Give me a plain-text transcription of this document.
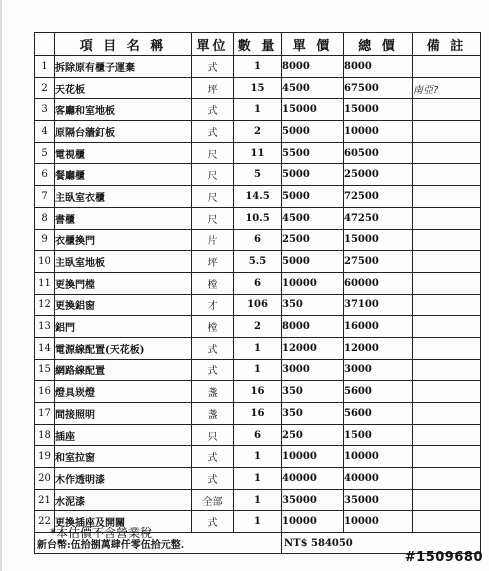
	項 目 名 稱	單位	數 量	單 價	總 價	備 註
1	拆除原有櫃子運棄	式	1	8000	8000	
2	天花板	坪	15	4500	67500	南亞?
3	客廳和室地板	式	1	15000	15000	
4	原隔台牆釘板	式	2	5000	10000	
5	電視櫃	尺	11	5500	60500	
6	餐廳櫃	尺	5	5000	25000	
7	主臥室衣櫃	尺	14.5	5000	72500	
8	書櫃	尺	10.5	4500	47250	
9	衣櫃換門	片	6	2500	15000	
10	主臥室地板	坪	5.5	5000	27500	
11	更換門樘	樘	6	10000	60000	
12	更換鋁窗	才	106	350	37100	
13	鋁門	樘	2	8000	16000	
14	電源線配置(天花板)	式	1	12000	12000	
15	網路線配置	式	1	3000	3000	
16	燈具崁燈	盞	16	350	5600	
17	間接照明	盞	16	350	5600	
18	插座	只	6	250	1500	
19	和室拉窗	式	1	10000	10000	
20	木作透明漆	式	1	40000	40000	
21	水泥漆	全部	1	35000	35000	
22	更換插座及開關	式	1	10000	10000	
新台幣:伍拾捌萬肆仟零伍拾元整.				NT$ 584050		
*本估價不含營業稅
#1509680
